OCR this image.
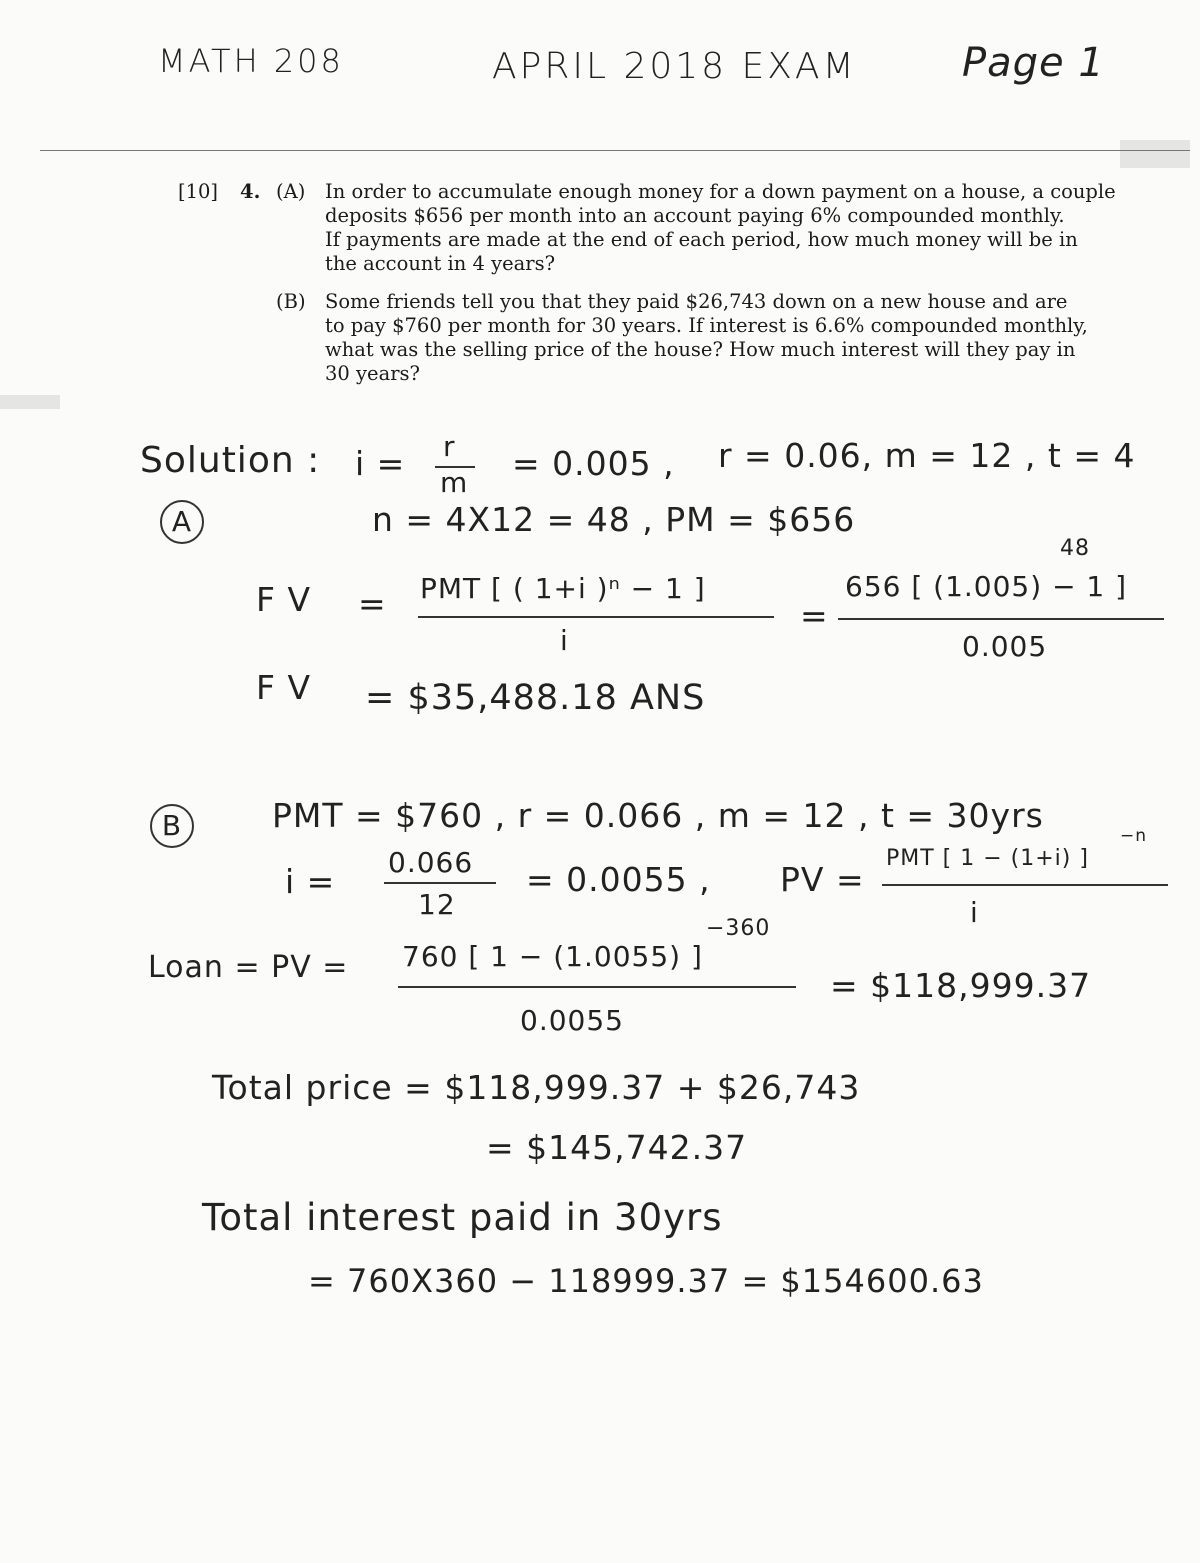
MATH 208	APRIL 2018 EXAM	Page 1
[10] 4. (A) In order to accumulate enough money for a down payment on a house, a couple
deposits $656 per month into an account paying 6% compounded monthly.
If payments are made at the end of each period, how much money will be in
the account in 4 years?
(B) Some friends tell you that they paid $26,743 down on a new house and are
to pay $760 per month for 30 years. If interest is 6.6% compounded monthly,
what was the selling price of the house? How much interest will they pay in
30 years?
Solution : i = r
m = 0.005 , r = 0.06, m = 12 , t = 4
A	n = 4X12 = 48 , PM = $656
F V = PMT [ ( 1+i )ⁿ − 1 ]
i
=
656 [ (1.005) − 1 ]
48
0.005
F V = $35,488.18 ANS
B	PMT = $760 , r = 0.066 , m = 12 , t = 30yrs
i = 0.066
12
= 0.0055 , PV =
PMT [ 1 − (1+i) ]
−n
i
Loan = PV = 760 [ 1 − (1.0055) ]
−360
0.0055
= $118,999.37
Total price = $118,999.37 + $26,743
= $145,742.37
Total interest paid in 30yrs
= 760X360 − 118999.37 = $154600.63
